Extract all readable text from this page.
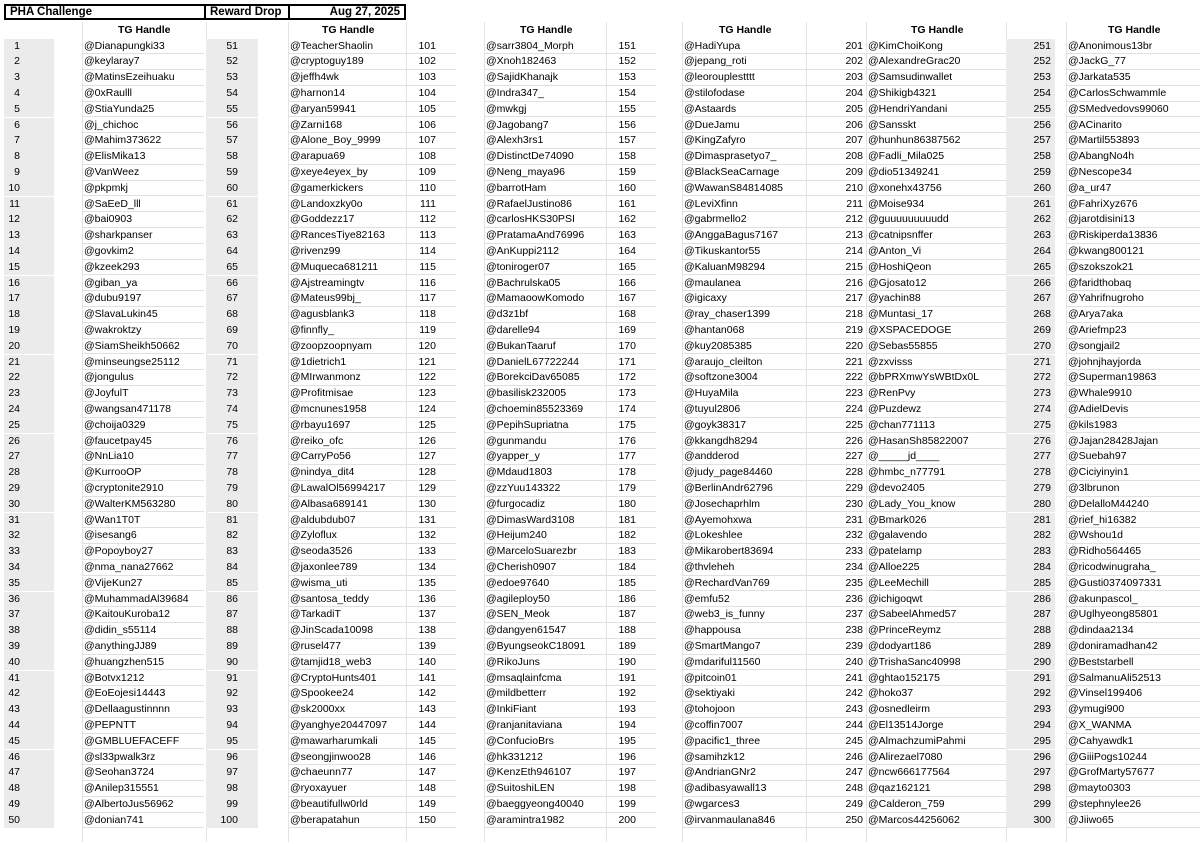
PHA Challenge	Reward Drop	Aug 27, 2025
TG Handle
1	@Dianapungki33
2	@keylaray7
3	@MatinsEzeihuaku
4	@0xRaulll
5	@StiaYunda25
6	@j_chichoc
7	@Mahim373622
8	@ElisMika13
9	@VanWeez
10	@pkpmkj
11	@SaEeD_lll
12	@bai0903
13	@sharkpanser
14	@govkim2
15	@kzeek293
16	@giban_ya
17	@dubu9197
18	@SlavaLukin45
19	@wakroktzy
20	@SiamSheikh50662
21	@minseungse25112
22	@jongulus
23	@JoyfulT
24	@wangsan471178
25	@choija0329
26	@faucetpay45
27	@NnLia10
28	@KurrooOP
29	@cryptonite2910
30	@WalterKM563280
31	@Wan1T0T
32	@isesang6
33	@Popoyboy27
34	@nma_nana27662
35	@VijeKun27
36	@MuhammadAl39684
37	@KaitouKuroba12
38	@didin_s55114
39	@anythingJJ89
40	@huangzhen515
41	@Botvx1212
42	@EoEojesi14443
43	@Dellaagustinnnn
44	@PEPNTT
45	@GMBLUEFACEFF
46	@sl33pwalk3rz
47	@Seohan3724
48	@Anilep315551
49	@AlbertoJus56962
50	@donian741
TG Handle
51	@TeacherShaolin
52	@cryptoguy189
53	@jeffh4wk
54	@harnon14
55	@aryan59941
56	@Zarni168
57	@Alone_Boy_9999
58	@arapua69
59	@xeye4eyex_by
60	@gamerkickers
61	@Landoxzky0o
62	@Goddezz17
63	@RancesTiye82163
64	@rivenz99
65	@Muqueca681211
66	@Ajstreamingtv
67	@Mateus99bj_
68	@agusblank3
69	@finnfly_
70	@zoopzoopnyam
71	@1dietrich1
72	@MIrwanmonz
73	@Profitmisae
74	@mcnunes1958
75	@rbayu1697
76	@reiko_ofc
77	@CarryPo56
78	@nindya_dit4
79	@LawalOl56994217
80	@Albasa689141
81	@aldubdub07
82	@Zyloflux
83	@seoda3526
84	@jaxonlee789
85	@wisma_uti
86	@santosa_teddy
87	@TarkadiT
88	@JinScada10098
89	@rusel477
90	@tamjid18_web3
91	@CryptoHunts401
92	@Spookee24
93	@sk2000xx
94	@yanghye20447097
95	@mawarharumkali
96	@seongjinwoo28
97	@chaeunn77
98	@ryoxayuer
99	@beautifullw0rld
100	@berapatahun
TG Handle
101	@sarr3804_Morph
102	@Xnoh182463
103	@SajidKhanajk
104	@Indra347_
105	@mwkgj
106	@Jagobang7
107	@Alexh3rs1
108	@DistinctDe74090
109	@Neng_maya96
110	@barrotHam
111	@RafaelJustino86
112	@carlosHKS30PSI
113	@PratamaAnd76996
114	@AnKuppi2112
115	@toniroger07
116	@Bachrulska05
117	@MamaoowKomodo
118	@d3z1bf
119	@darelle94
120	@BukanTaaruf
121	@DanielL67722244
122	@BorekciDav65085
123	@basilisk232005
124	@choemin85523369
125	@PepihSupriatna
126	@gunmandu
127	@yapper_y
128	@Mdaud1803
129	@zzYuu143322
130	@furgocadiz
131	@DimasWard3108
132	@Heijum240
133	@MarceloSuarezbr
134	@Cherish0907
135	@edoe97640
136	@agileploy50
137	@SEN_Meok
138	@dangyen61547
139	@ByungseokC18091
140	@RikoJuns
141	@msaqlainfcma
142	@mildbetterr
143	@InkiFiant
144	@ranjanitaviana
145	@ConfucioBrs
146	@hk331212
147	@KenzEth946107
148	@SuitoshiLEN
149	@baeggyeong40040
150	@aramintra1982
TG Handle
151	@HadiYupa
152	@jepang_roti
153	@leorouplestttt
154	@stilofodase
155	@Astaards
156	@DueJamu
157	@KingZafyro
158	@Dimasprasetyo7_
159	@BlackSeaCarnage
160	@WawanS84814085
161	@LeviXfinn
162	@gabrmello2
163	@AnggaBagus7167
164	@Tikuskantor55
165	@KaluanM98294
166	@maulanea
167	@igicaxy
168	@ray_chaser1399
169	@hantan068
170	@kuy2085385
171	@araujo_cleilton
172	@softzone3004
173	@HuyaMila
174	@tuyul2806
175	@goyk38317
176	@kkangdh8294
177	@andderod
178	@judy_page84460
179	@BerlinAndr62796
180	@Josechaprhlm
181	@Ayemohxwa
182	@Lokeshlee
183	@Mikarobert83694
184	@thvleheh
185	@RechardVan769
186	@emfu52
187	@web3_is_funny
188	@happousa
189	@SmartMango7
190	@mdariful11560
191	@pitcoin01
192	@sektiyaki
193	@tohojoon
194	@coffin7007
195	@pacific1_three
196	@samihzk12
197	@AndrianGNr2
198	@adibasyawall13
199	@wgarces3
200	@irvanmaulana846
TG Handle
201 @KimChoiKong
202 @AlexandreGrac20
203 @Samsudinwallet
204 @Shikigb4321
205 @HendriYandani
206 @Sansskt
207 @hunhun86387562
208 @Fadli_Mila025
209 @dio51349241
210 @xonehx43756
211 @Moise934
212 @guuuuuuuuudd
213 @catnipsnffer
214 @Anton_Vi
215 @HoshiQeon
216 @Gjosato12
217 @yachin88
218 @Muntasi_17
219 @XSPACEDOGE
220 @Sebas55855
221 @zxvisss
222 @bPRXmwYsWBtDx0L
223 @RenPvy
224 @Puzdewz
225 @chan771113
226 @HasanSh85822007
227 @_____jd____
228 @hmbc_n77791
229 @devo2405
230 @Lady_You_know
231 @Bmark026
232 @galavendo
233 @patelamp
234 @Alloe225
235 @LeeMechill
236 @ichigoqwt
237 @SabeelAhmed57
238 @PrinceReymz
239 @dodyart186
240 @TrishaSanc40998
241 @ghtao152175
242 @hoko37
243 @osnedleirm
244 @El13514Jorge
245 @AlmachzumiPahmi
246 @Alirezael7080
247 @ncw666177564
248 @qaz162121
249 @Calderon_759
250 @Marcos44256062
TG Handle
251	@Anonimous13br
252	@JackG_77
253	@Jarkata535
254	@CarlosSchwammle
255	@SMedvedovs99060
256	@ACinarito
257	@Martil553893
258	@AbangNo4h
259	@Nescope34
260	@a_ur47
261	@FahriXyz676
262	@jarotdisini13
263	@Riskiperda13836
264	@kwang800121
265	@szokszok21
266	@faridthobaq
267	@Yahrifnugroho
268	@Arya7aka
269	@Ariefmp23
270	@songjail2
271	@johnjhayjorda
272	@Superman19863
273	@Whale9910
274	@AdielDevis
275	@kils1983
276	@Jajan28428Jajan
277	@Suebah97
278	@Ciciyinyin1
279	@3lbrunon
280	@DelalloM44240
281	@rief_hi16382
282	@Wshou1d
283	@Ridho564465
284	@ricodwinugraha_
285	@Gusti0374097331
286	@akunpascol_
287	@Uglhyeong85801
288	@dindaa2134
289	@doniramadhan42
290	@Beststarbell
291	@SalmanuAli52513
292	@Vinsel199406
293	@ymugi900
294	@X_WANMA
295	@Cahyawdk1
296	@GiiiPogs10244
297	@GrofMarty57677
298	@mayto0303
299	@stephnylee26
300	@Jiiwo65
